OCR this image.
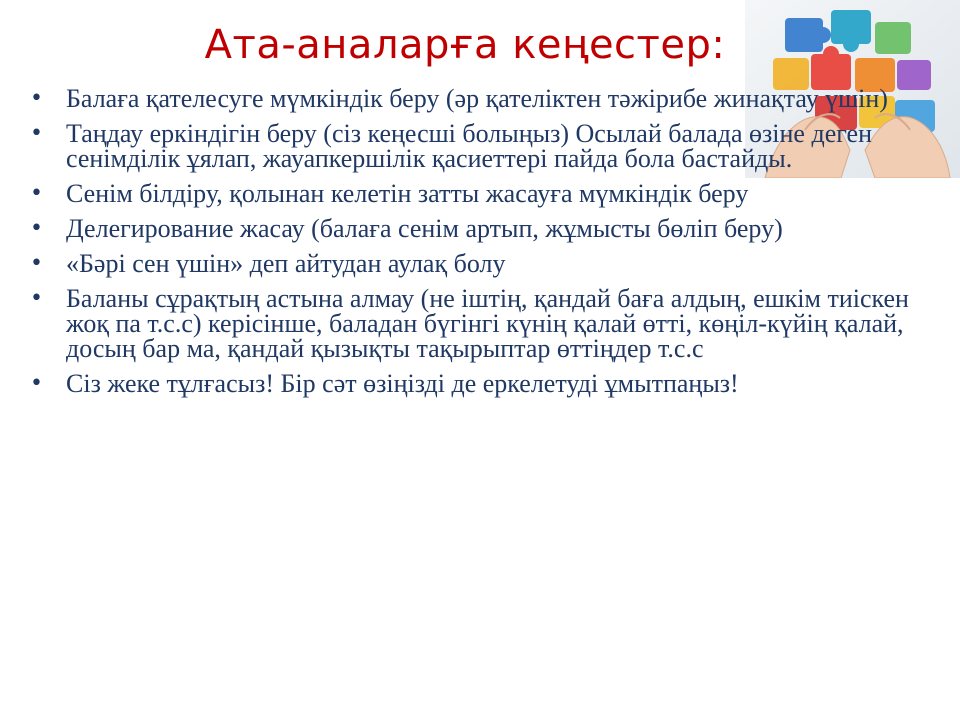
Ата-аналарға кеңестер:
• Балаға қателесуге мүмкіндік беру (әр қателіктен тәжірибе жинақтау үшін)
• Таңдау еркіндігін беру (сіз кеңесші болыңыз) Осылай балада өзіне деген сенімділік ұялап, жауапкершілік қасиеттері пайда бола бастайды.
• Сенім білдіру, қолынан келетін затты жасауға мүмкіндік беру
• Делегирование жасау (балаға сенім артып, жұмысты бөліп беру)
• «Бәрі сен үшін» деп айтудан аулақ болу
• Баланы сұрақтың астына алмау (не іштің, қандай баға алдың, ешкім тиіскен жоқ па т.с.с) керісінше, баладан бүгінгі күнің қалай өтті, көңіл-күйің қалай, досың бар ма, қандай қызықты тақырыптар өттіңдер т.с.с
• Сіз жеке тұлғасыз! Бір сәт өзіңізді де еркелетуді ұмытпаңыз!
